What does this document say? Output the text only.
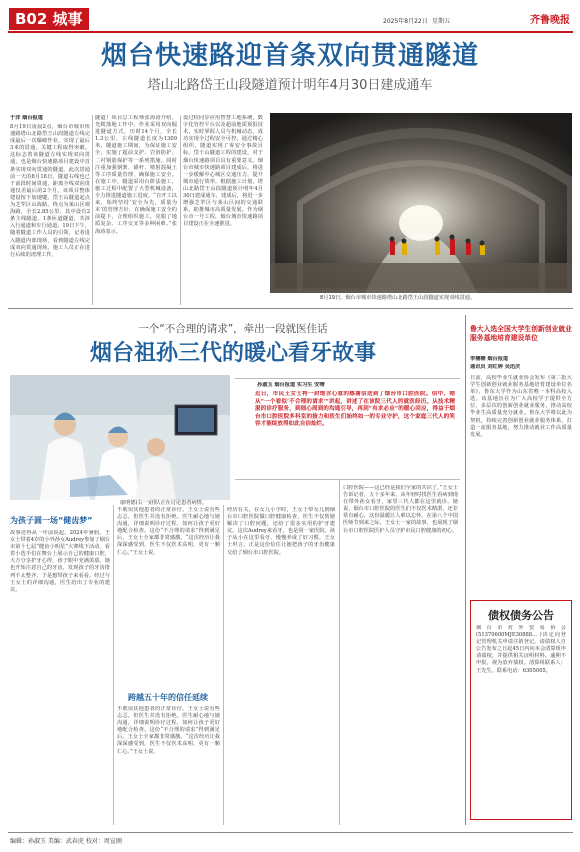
B02 城事	2025年8月22日 星期五	齐鲁晚报
烟台快速路迎首条双向贯通隧道
塔山北路岱王山段隧道预计明年4月30日建成通车
于洋 烟台报道
8月19日凌晨2点，烟台市城市快速路塔山北路岱王山段隧道左线完成最后一次爆破作业，实现了最后3米的贯通，关键工程取得突破。这标志着该隧道左线实现双向贯通，也是烟台快速路项目建设中首条实现双向贯通的隧道。此次贯通前一天的8月18日，隧道右线也已于前段时间贯通，距离全线双向贯通仅差最后的2个月，该项目整体建设按下加速键。岱王山隧道起点为芝罘区山海路，终点为莱山区观海路，全长2.85公里，其中设有2条主线隧道、1条匝道隧道，共涉入行通道和车行通道。19日下午，随着隧道工作人员的引领，记者进入隧道内部现场，看到隧道左线完成双向贯通现场，施工人员正在进行后续的清理工作。
隧道）项目总工程师张海涛介绍，光缆落地工作中，作业采用双向掘进隧道方式，历时14个月，全长1.3公里，左线隧道长度为1309米，隧道施工期间，为保证施工安全，实施了超前支护、岩溶防护、二衬钢筋保护等一系列措施。同时注重加强钢架、锚杆、喷射混凝土等工序质量管理，确保施工安全。在施工中，隧道采用台阶法施工，施工过程中配置了大型机械设备，全力推进隧道施工进度。“自开工以来，始终坚持‘安全为先，质量为本’的管理方针，在确保施工安全的前提下，合理组织施工，克服了地质复杂、工序交叉等多种困难。”张海涛表示。
设过程同步应用智慧工地系统，数字化管控平台以及超前地质预报技术，实时掌握人员与机械动态，成功实现全过程安全可控。通过精心组织，隧道实现了零安全事故目标。岱王山隧道工程的建设，对于烟台快速路项目具有重要意义。烟台市城市快速路项目建成后，将进一步缓解中心城区交通压力，提升城市通行效率。根据施工计划，塔山北路岱王山段隧道预计明年4月30日建成通车，建成后，将进一步增强芝罘区与莱山区间的交通联系，助推城市高质量发展。作为烟台市一号工程，烟台城市快速路项目建设正在全速推进。
8月19日，烟台市城市快速路塔山北路岱王山段隧道实现双线贯通。
一个“不合理的请求”，牵出一段就医佳话
烟台祖孙三代的暖心看牙故事
康明德(右一)团队正在讨论患者病情。
孙淑玉 烟台报道 实习生 安晴
近日，市民王女士将一封饱含心意的感谢信送到了烟台市口腔医院。信中，她从“一个看似‘不合理的请求’”讲起，讲述了在该院三代人的就医经历。从技术精湛的诊疗服务，到细心周到的沟通引导，再到“有求必应”的暖心回应，得益于烟台市口腔医院多科室的接力和医生们始终如一的专业守护，这个家庭三代人的笑容才能绽放得如此自信灿烂。
为孩子圆一场“健齿梦”
故事还得从一年前说起。2024年暑假，王女士带着4岁的小外孙女Audrey参加了烟台市第十七届“健齿小明星”大赛线下活动。看着小选手们在舞台上展示自己的健康口腔，大方分享护牙心得，孩子眼中充满羡慕。她也开始注意自己的牙齿，发现孩子的牙齿排列不太整齐，于是想带孩子来看看。经过与王女士的详细沟通，医生给出了专业的建议。
不耽误其他患者的正常诊疗。王女士说有些忐忑，但医生并没有拒绝。医生耐心地与她沟通，详细说明诊疗过程，如何让孩子更好地配合检查。这份“不合理的请求”得到满足后，王女士全家都非常感激。“这次经历让我深深感受到，医生不仅医术高明，更有一颗仁心。”王女士说。
跨越五十年的信任延续
不耽误其他患者的正常诊疗。王女士说有些忐忑，但医生并没有拒绝。医生耐心地与她沟通，详细说明诊疗过程，如何让孩子更好地配合检查。这份“不合理的请求”得到满足后，王女士全家都非常感激。“这次经历让我深深感受到，医生不仅医术高明，更有一颗仁心。”王女士说。
经历有关。在女儿小学时，王女士带女儿到烟台市口腔医院做口腔健康检查，医生不仅帮她解决了口腔问题，还给了很多实用的护牙建议。这次Audrey来看牙，也是同一家医院。孩子从小在这里看牙，慢慢养成了好习惯。王女士坦言，正是这份信任让她把孩子的牙齿健康交给了烟台市口腔医院。
口腔医院——这已经是我们全家的共识了。”王女士告诉记者，五十多年来，从年轻时找医生看病到现在带外孙女看牙，家里三代人都在这里就诊。她说，烟台市口腔医院的医生们不仅医术精湛，还非常有耐心，这份温暖让人难以忘怀。在第八个中国医师节到来之际，王女士一家的故事，也展现了烟台市口腔医院医护人员守护市民口腔健康的初心。
鲁大入选全国大学生创新创业就业服务基地培育建设单位
李楠楠 烟台报道
通讯员 刘红婷 吴迅庆
日前，高校毕业生就业协会发布《第二批大学生创新创业就业服务基地培育建设单位名单》，鲁东大学作为山东省唯一本科高校入选。该基地旨在为广大高校学子提供全方位、多层次的创新创业就业服务，推动高校毕业生高质量充分就业。鲁东大学将以此为契机，持续完善创新创业就业服务体系，打造一流服务基地，努力推动就业工作高质量发展。
债权债务公告
烟台市对外贸易协会(51370600MJE30888... )决定向登记管理机关申请注销登记。请债权人自公告发布之日起45日内向本会清算组申请债权，并提供相关证明材料。逾期不申报，视为放弃债权。清算组联系人：王先生，联系电话：6305005。
编辑：孙淑玉 美编：武春虎 校对：周宣刚
